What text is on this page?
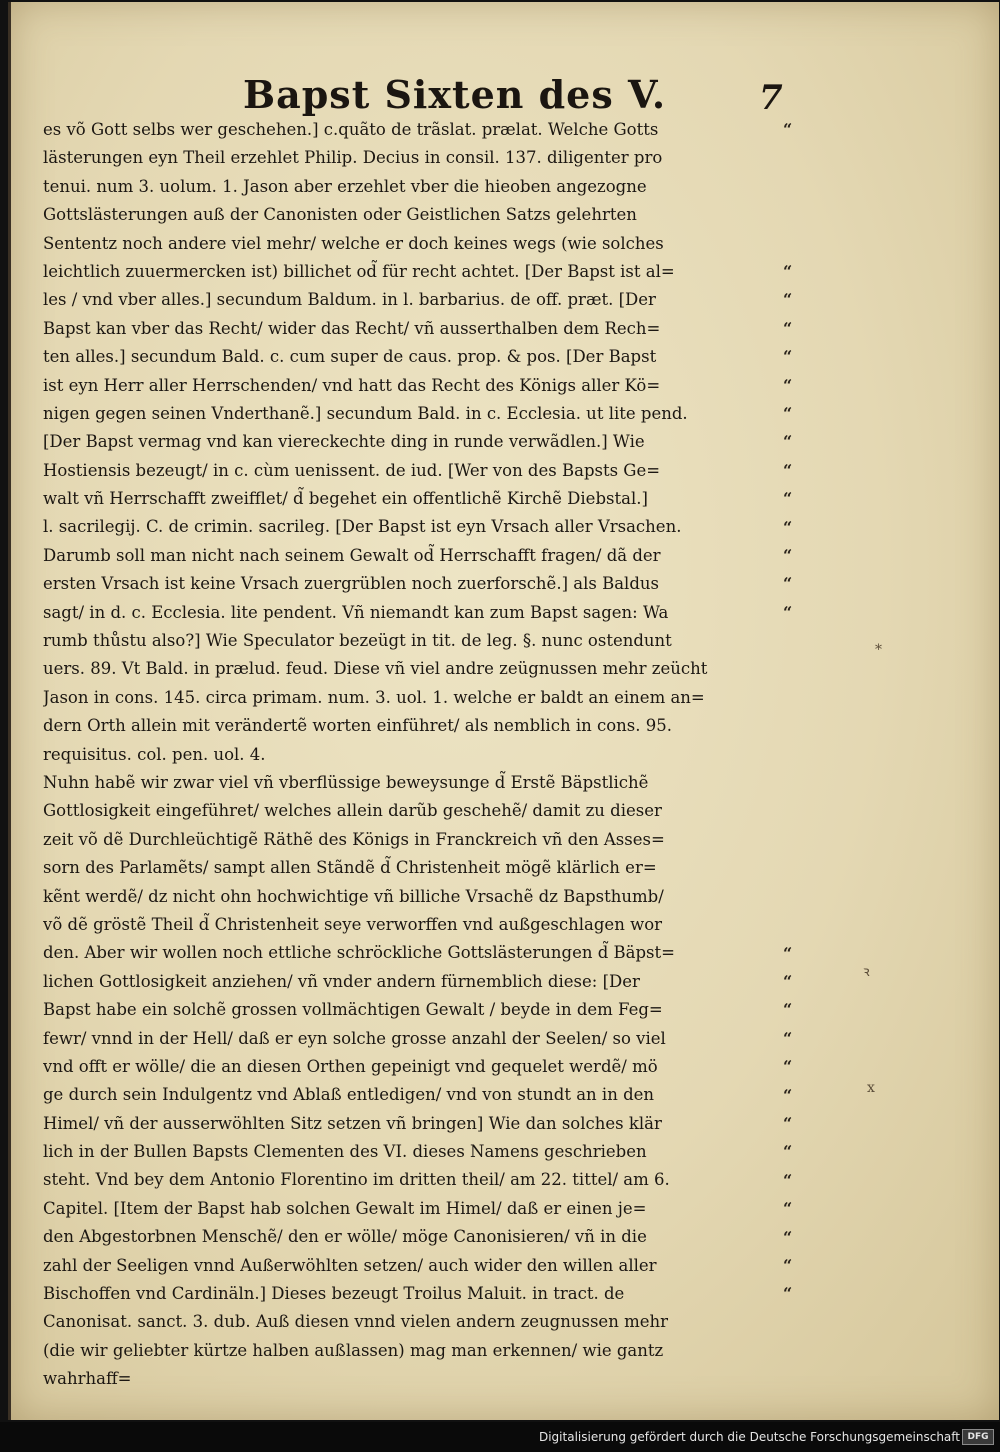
Bapst Sixten des V.	7
es võ Gott selbs wer geschehen.] c.quãto de trãslat. prælat. Welche Gotts
lästerungen eyn Theil erzehlet Philip. Decius in consil. 137. diligenter pro
tenui. num 3. uolum. 1. Jason aber erzehlet vber die hieoben angezogne
Gottslästerungen auß der Canonisten oder Geistlichen Satzs gelehrten
Sententz noch andere viel mehr/ welche er doch keines wegs (wie solches
leichtlich zuuermercken ist) billichet od̃ für recht achtet. [Der Bapst ist al=
les / vnd vber alles.] secundum Baldum. in l. barbarius. de off. præt. [Der
Bapst kan vber das Recht/ wider das Recht/ vñ ausserthalben dem Rech=
ten alles.] secundum Bald. c. cum super de caus. prop. & pos. [Der Bapst
ist eyn Herr aller Herrschenden/ vnd hatt das Recht des Königs aller Kö=
nigen gegen seinen Vnderthanẽ.] secundum Bald. in c. Ecclesia. ut lite pend.
[Der Bapst vermag vnd kan viereckechte ding in runde verwãdlen.] Wie
Hostiensis bezeugt/ in c. cùm uenissent. de iud. [Wer von des Bapsts Ge=
walt vñ Herrschafft zweifflet/ d̃ begehet ein offentlichẽ Kirchẽ Diebstal.]
l. sacrilegij. C. de crimin. sacrileg. [Der Bapst ist eyn Vrsach aller Vrsachen.
Darumb soll man nicht nach seinem Gewalt od̃ Herrschafft fragen/ dã der
ersten Vrsach ist keine Vrsach zuergrüblen noch zuerforschẽ.] als Baldus
sagt/ in d. c. Ecclesia. lite pendent. Vñ niemandt kan zum Bapst sagen: Wa
rumb thůstu also?] Wie Speculator bezeügt in tit. de leg. §. nunc ostendunt
uers. 89. Vt Bald. in prælud. feud. Diese vñ viel andre zeügnussen mehr zeücht
Jason in cons. 145. circa primam. num. 3. uol. 1. welche er baldt an einem an=
dern Orth allein mit verändertẽ worten einführet/ als nemblich in cons. 95.
requisitus. col. pen. uol. 4.
Nuhn habẽ wir zwar viel vñ vberflüssige beweysunge d̃ Erstẽ Bäpstlichẽ
Gottlosigkeit eingeführet/ welches allein darũb geschehẽ/ damit zu dieser
zeit võ dẽ Durchleüchtigẽ Räthẽ des Königs in Franckreich vñ den Asses=
sorn des Parlamẽts/ sampt allen Stãndẽ d̃ Christenheit mögẽ klärlich er=
kẽnt werdẽ/ dz nicht ohn hochwichtige vñ billiche Vrsachẽ dz Bapsthumb/
võ dẽ gröstẽ Theil d̃ Christenheit seye verworffen vnd außgeschlagen wor
den. Aber wir wollen noch ettliche schröckliche Gottslästerungen d̃ Bäpst=
lichen Gottlosigkeit anziehen/ vñ vnder andern fürnemblich diese: [Der
Bapst habe ein solchẽ grossen vollmächtigen Gewalt / beyde in dem Feg=
fewr/ vnnd in der Hell/ daß er eyn solche grosse anzahl der Seelen/ so viel
vnd offt er wölle/ die an diesen Orthen gepeinigt vnd gequelet werdẽ/ mö
ge durch sein Indulgentz vnd Ablaß entledigen/ vnd von stundt an in den
Himel/ vñ der ausserwöhlten Sitz setzen vñ bringen] Wie dan solches klär
lich in der Bullen Bapsts Clementen des VI. dieses Namens geschrieben
steht. Vnd bey dem Antonio Florentino im dritten theil/ am 22. tittel/ am 6.
Capitel. [Item der Bapst hab solchen Gewalt im Himel/ daß er einen je=
den Abgestorbnen Menschẽ/ den er wölle/ möge Canonisieren/ vñ in die
zahl der Seeligen vnnd Außerwöhlten setzen/ auch wider den willen aller
Bischoffen vnd Cardinäln.] Dieses bezeugt Troilus Maluit. in tract. de
Canonisat. sanct. 3. dub. Auß diesen vnnd vielen andern zeugnussen mehr
(die wir geliebter kürtze halben außlassen) mag man erkennen/ wie gantz
wahrhaff=
“
“
“
“
“
“
“
“
“
“
“
“
“
“
“
“
“
“
“
“
“
“
“
“
“
“
“
*
ꝛ
x
Digitalisierung gefördert durch die Deutsche Forschungsgemeinschaft DFG
